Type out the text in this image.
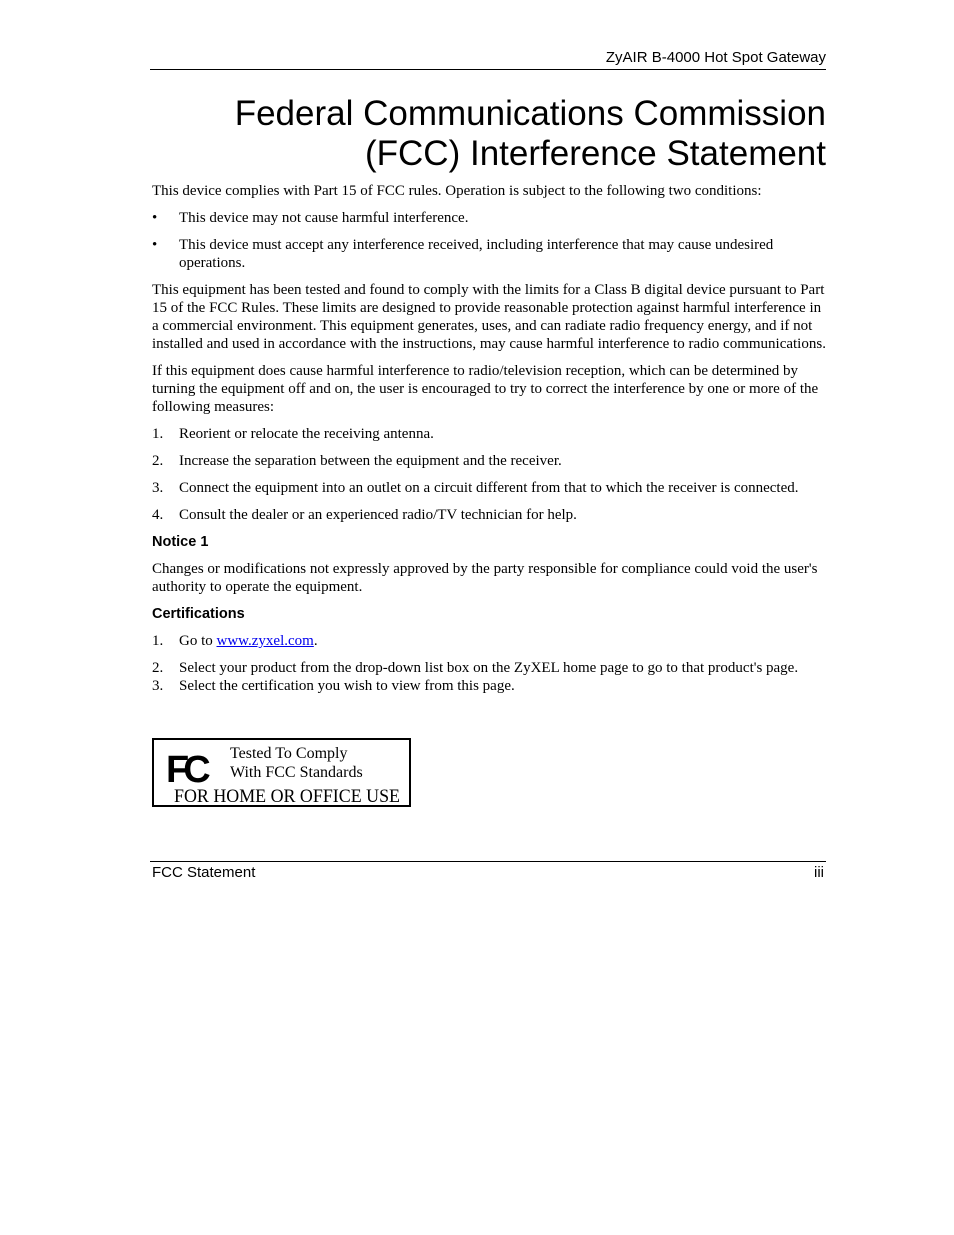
ZyAIR B-4000 Hot Spot Gateway
Federal Communications Commission
(FCC) Interference Statement

This device complies with Part 15 of FCC rules. Operation is subject to the following two conditions:

•	This device may not cause harmful interference.
•	This device must accept any interference received, including interference that may cause undesired operations.

This equipment has been tested and found to comply with the limits for a Class B digital device pursuant to Part 15 of the FCC Rules. These limits are designed to provide reasonable protection against harmful interference in a commercial environment. This equipment generates, uses, and can radiate radio frequency energy, and if not installed and used in accordance with the instructions, may cause harmful interference to radio communications.

If this equipment does cause harmful interference to radio/television reception, which can be determined by turning the equipment off and on, the user is encouraged to try to correct the interference by one or more of the following measures:

1.	Reorient or relocate the receiving antenna.
2.	Increase the separation between the equipment and the receiver.
3.	Connect the equipment into an outlet on a circuit different from that to which the receiver is connected.
4.	Consult the dealer or an experienced radio/TV technician for help.
Notice 1

Changes or modifications not expressly approved by the party responsible for compliance could void the user's authority to operate the equipment.

Certifications
1.	Go to www.zyxel.com.
2.	Select your product from the drop-down list box on the ZyXEL home page to go to that product's page.
3.	Select the certification you wish to view from this page.
FC	Tested To Comply
With FCC Standards
FOR HOME OR OFFICE USE
FCC Statement	iii
